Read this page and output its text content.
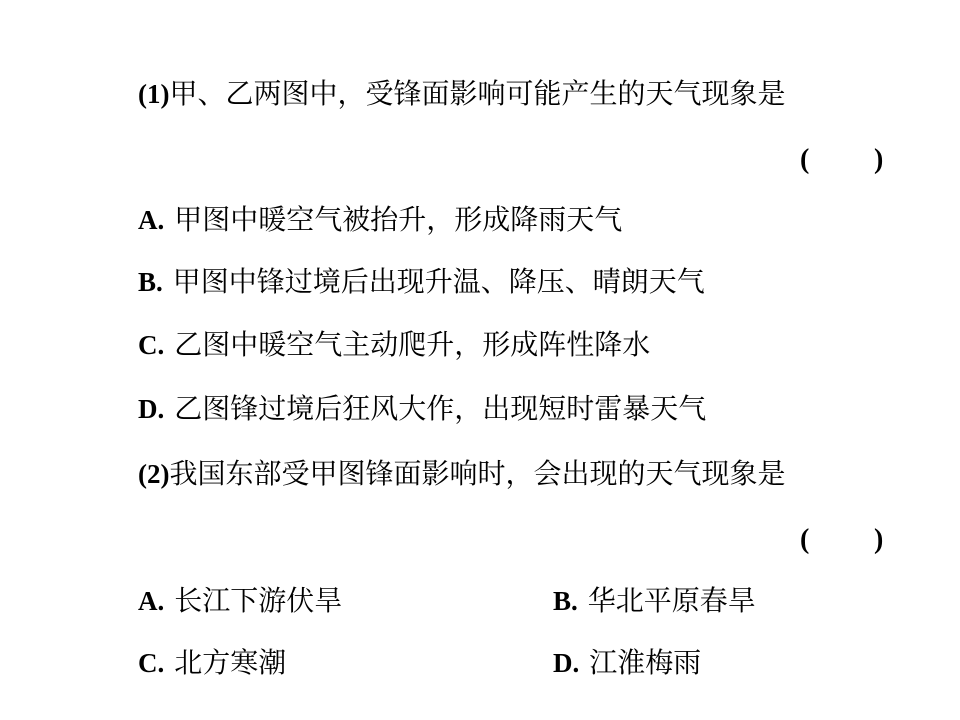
(1)甲、乙两图中，受锋面影响可能产生的天气现象是
( )
A. 甲图中暖空气被抬升，形成降雨天气
B. 甲图中锋过境后出现升温、降压、晴朗天气
C. 乙图中暖空气主动爬升，形成阵性降水
D. 乙图锋过境后狂风大作，出现短时雷暴天气
(2)我国东部受甲图锋面影响时，会出现的天气现象是
( )
A. 长江下游伏旱	B. 华北平原春旱
C. 北方寒潮	D. 江淮梅雨
